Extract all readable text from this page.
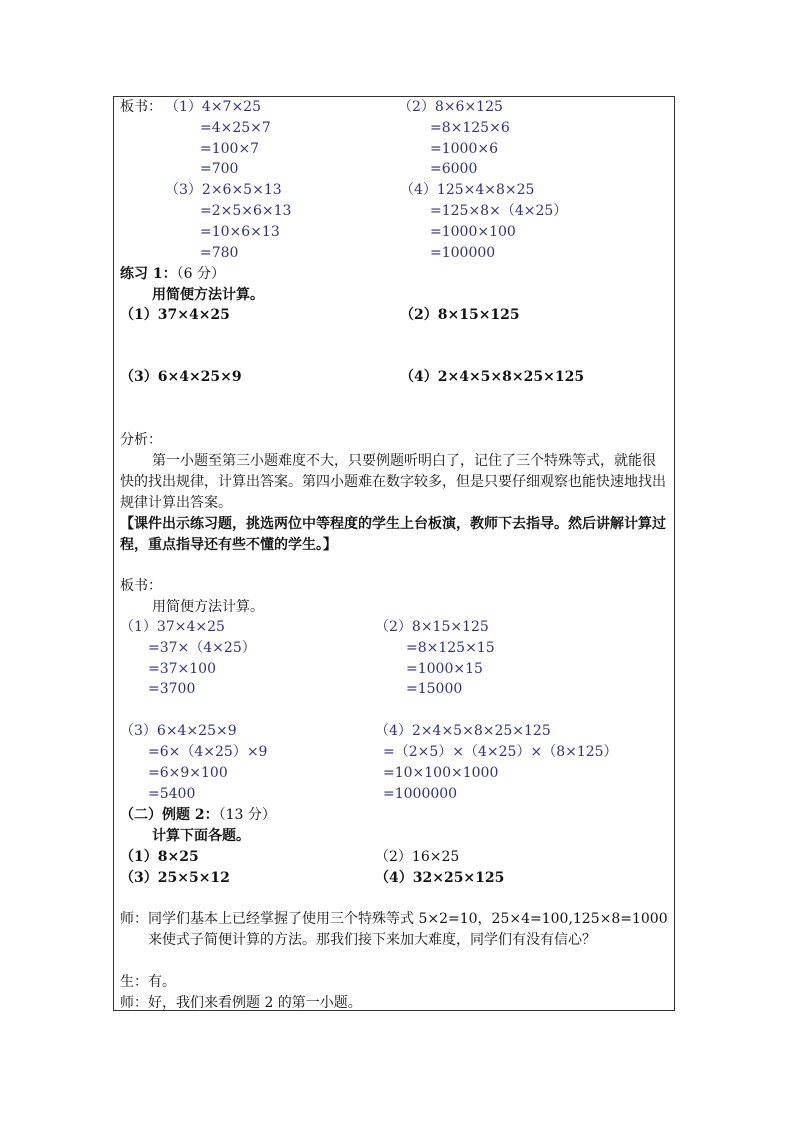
板书： （1）4×7×25
=4×25×7
=100×7
=700
（2）8×6×125
=8×125×6
=1000×6
=6000
（3）2×6×5×13
=2×5×6×13
=10×6×13
=780
（4）125×4×8×25
=125×8×（4×25）
=1000×100
=100000
练习 1：（6 分）
用简便方法计算。
（1）37×4×25	（2）8×15×125
（3）6×4×25×9	（4）2×4×5×8×25×125
分析：
第一小题至第三小题难度不大，只要例题听明白了，记住了三个特殊等式，就能很快的找出规律，计算出答案。第四小题难在数字较多，但是只要仔细观察也能快速地找出规律计算出答案。
【课件出示练习题，挑选两位中等程度的学生上台板演，教师下去指导。然后讲解计算过程，重点指导还有些不懂的学生。】
板书：
用简便方法计算。
（1）37×4×25
=37×（4×25）
=37×100
=3700
（2）8×15×125
=8×125×15
=1000×15
=15000
（3）6×4×25×9
=6×（4×25）×9
=6×9×100
=5400
（4）2×4×5×8×25×125
=（2×5）×（4×25）×（8×125）
=10×100×1000
=1000000
（二）例题 2：（13 分）
计算下面各题。
（1）8×25	（2）16×25
（3）25×5×12	（4）32×25×125
师：同学们基本上已经掌握了使用三个特殊等式 5×2=10，25×4=100,125×8=1000 来使式子简便计算的方法。那我们接下来加大难度，同学们有没有信心？
生：有。
师：好，我们来看例题 2 的第一小题。
